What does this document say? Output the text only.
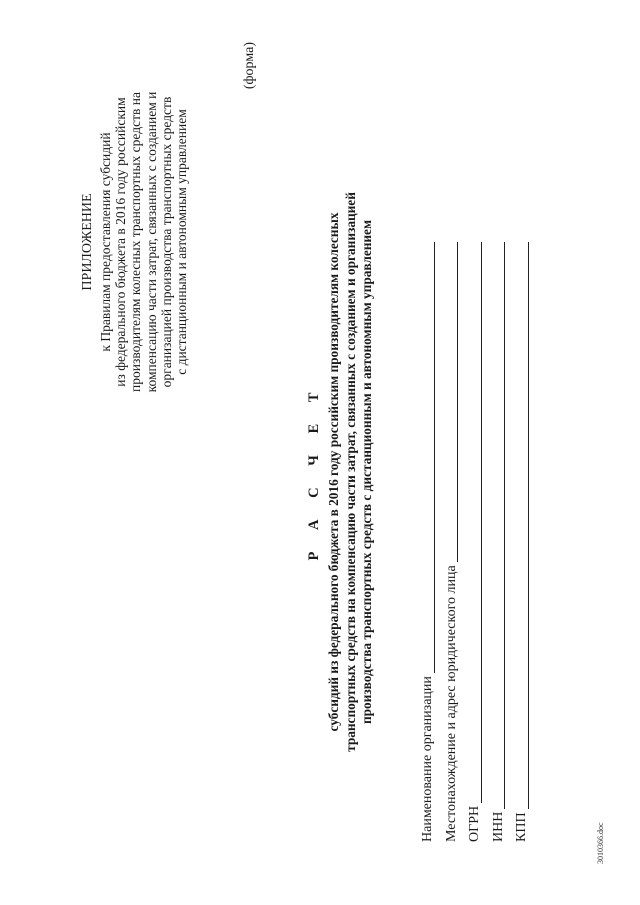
ПРИЛОЖЕНИЕ к Правилам предоставления субсидий из федерального бюджета в 2016 году российским производителям колесных транспортных средств на компенсацию части затрат, связанных с созданием и организацией производства транспортных средств с дистанционным и автономным управлением
(форма)
Р А С Ч Е Т субсидий из федерального бюджета в 2016 году российским производителям колесных транспортных средств на компенсацию части затрат, связанных с созданием и организацией производства транспортных средств с дистанционным и автономным управлением
Наименование организации Местонахождение и адрес юридического лица ОГРН ИНН КПП	3010366.doc
